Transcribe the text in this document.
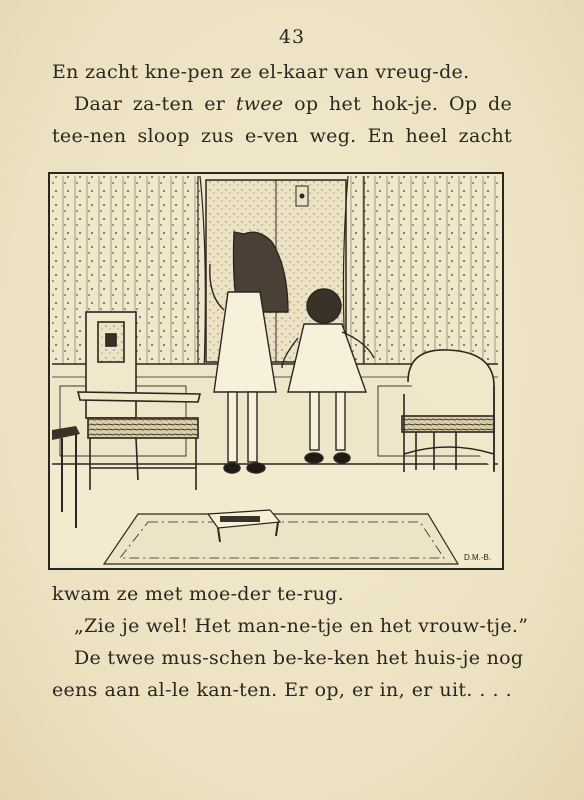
43
En zacht kne-pen ze el-kaar van vreug-de.
Daar za-ten er twee op het hok-je. Op de
tee-nen sloop zus e-ven weg. En heel zacht
D.M.-B.
kwam ze met moe-der te-rug.
„Zie je wel! Het man-ne-tje en het vrouw-tje.”
De twee mus-schen be-ke-ken het huis-je nog
eens aan al-le kan-ten. Er op, er in, er uit. . . .
